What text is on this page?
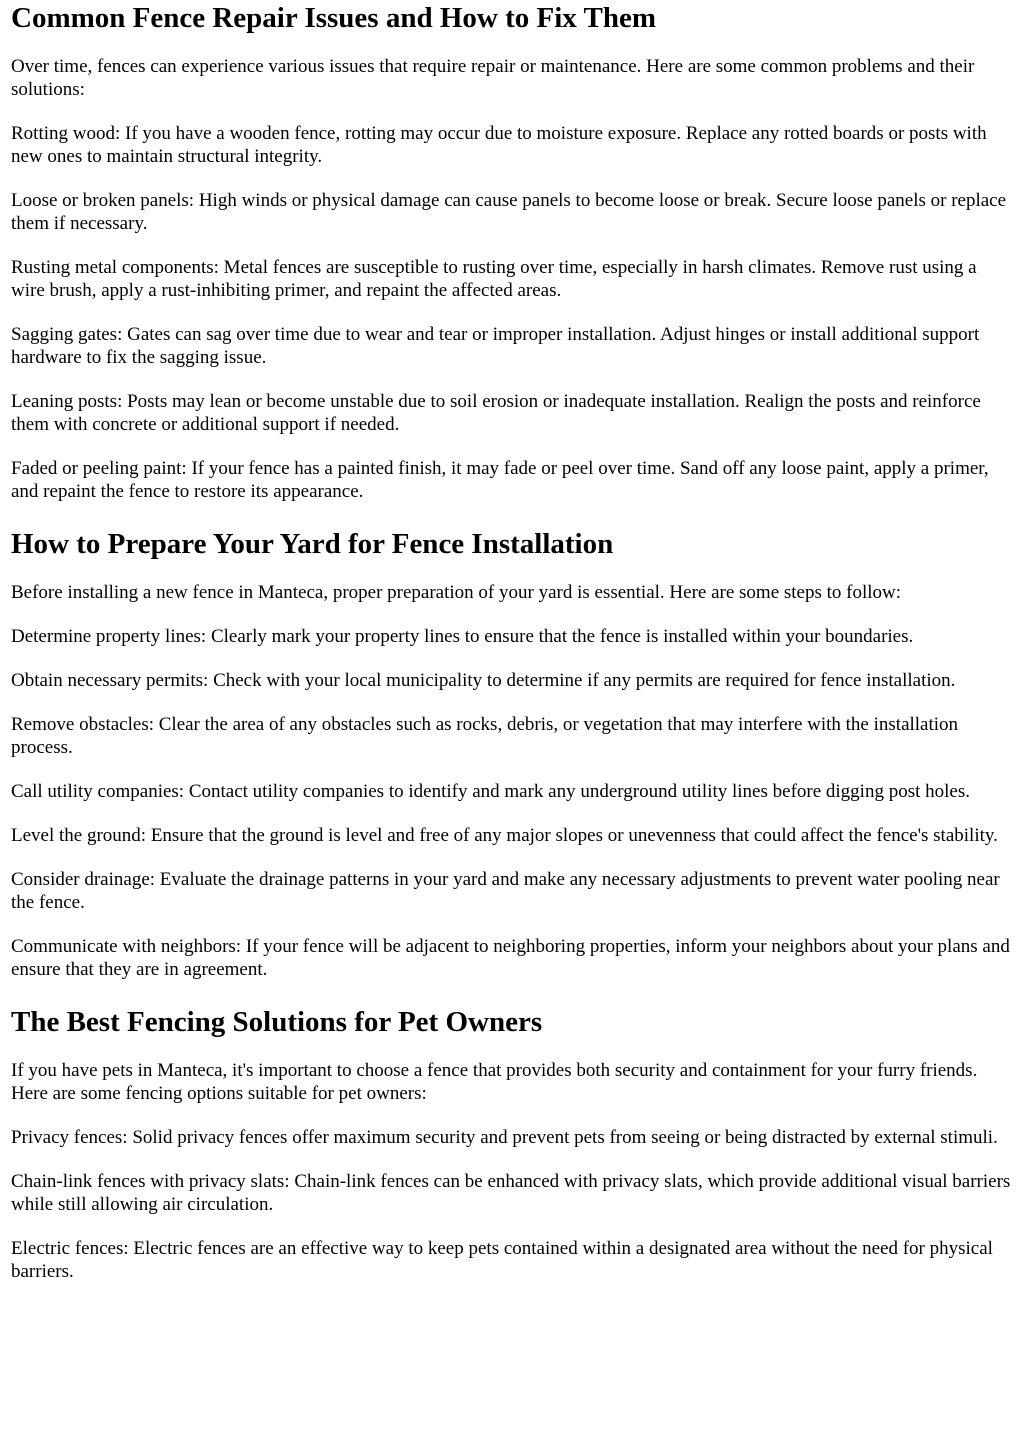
Common Fence Repair Issues and How to Fix Them

Over time, fences can experience various issues that require repair or maintenance. Here are some common problems and their solutions:

Rotting wood: If you have a wooden fence, rotting may occur due to moisture exposure. Replace any rotted boards or posts with new ones to maintain structural integrity.

Loose or broken panels: High winds or physical damage can cause panels to become loose or break. Secure loose panels or replace them if necessary.

Rusting metal components: Metal fences are susceptible to rusting over time, especially in harsh climates. Remove rust using a wire brush, apply a rust-inhibiting primer, and repaint the affected areas.

Sagging gates: Gates can sag over time due to wear and tear or improper installation. Adjust hinges or install additional support hardware to fix the sagging issue.

Leaning posts: Posts may lean or become unstable due to soil erosion or inadequate installation. Realign the posts and reinforce them with concrete or additional support if needed.

Faded or peeling paint: If your fence has a painted finish, it may fade or peel over time. Sand off any loose paint, apply a primer, and repaint the fence to restore its appearance.

How to Prepare Your Yard for Fence Installation

Before installing a new fence in Manteca, proper preparation of your yard is essential. Here are some steps to follow:

Determine property lines: Clearly mark your property lines to ensure that the fence is installed within your boundaries.

Obtain necessary permits: Check with your local municipality to determine if any permits are required for fence installation.

Remove obstacles: Clear the area of any obstacles such as rocks, debris, or vegetation that may interfere with the installation process.

Call utility companies: Contact utility companies to identify and mark any underground utility lines before digging post holes.

Level the ground: Ensure that the ground is level and free of any major slopes or unevenness that could affect the fence's stability.

Consider drainage: Evaluate the drainage patterns in your yard and make any necessary adjustments to prevent water pooling near the fence.

Communicate with neighbors: If your fence will be adjacent to neighboring properties, inform your neighbors about your plans and ensure that they are in agreement.

The Best Fencing Solutions for Pet Owners

If you have pets in Manteca, it's important to choose a fence that provides both security and containment for your furry friends. Here are some fencing options suitable for pet owners:

Privacy fences: Solid privacy fences offer maximum security and prevent pets from seeing or being distracted by external stimuli.

Chain-link fences with privacy slats: Chain-link fences can be enhanced with privacy slats, which provide additional visual barriers while still allowing air circulation.

Electric fences: Electric fences are an effective way to keep pets contained within a designated area without the need for physical barriers.
